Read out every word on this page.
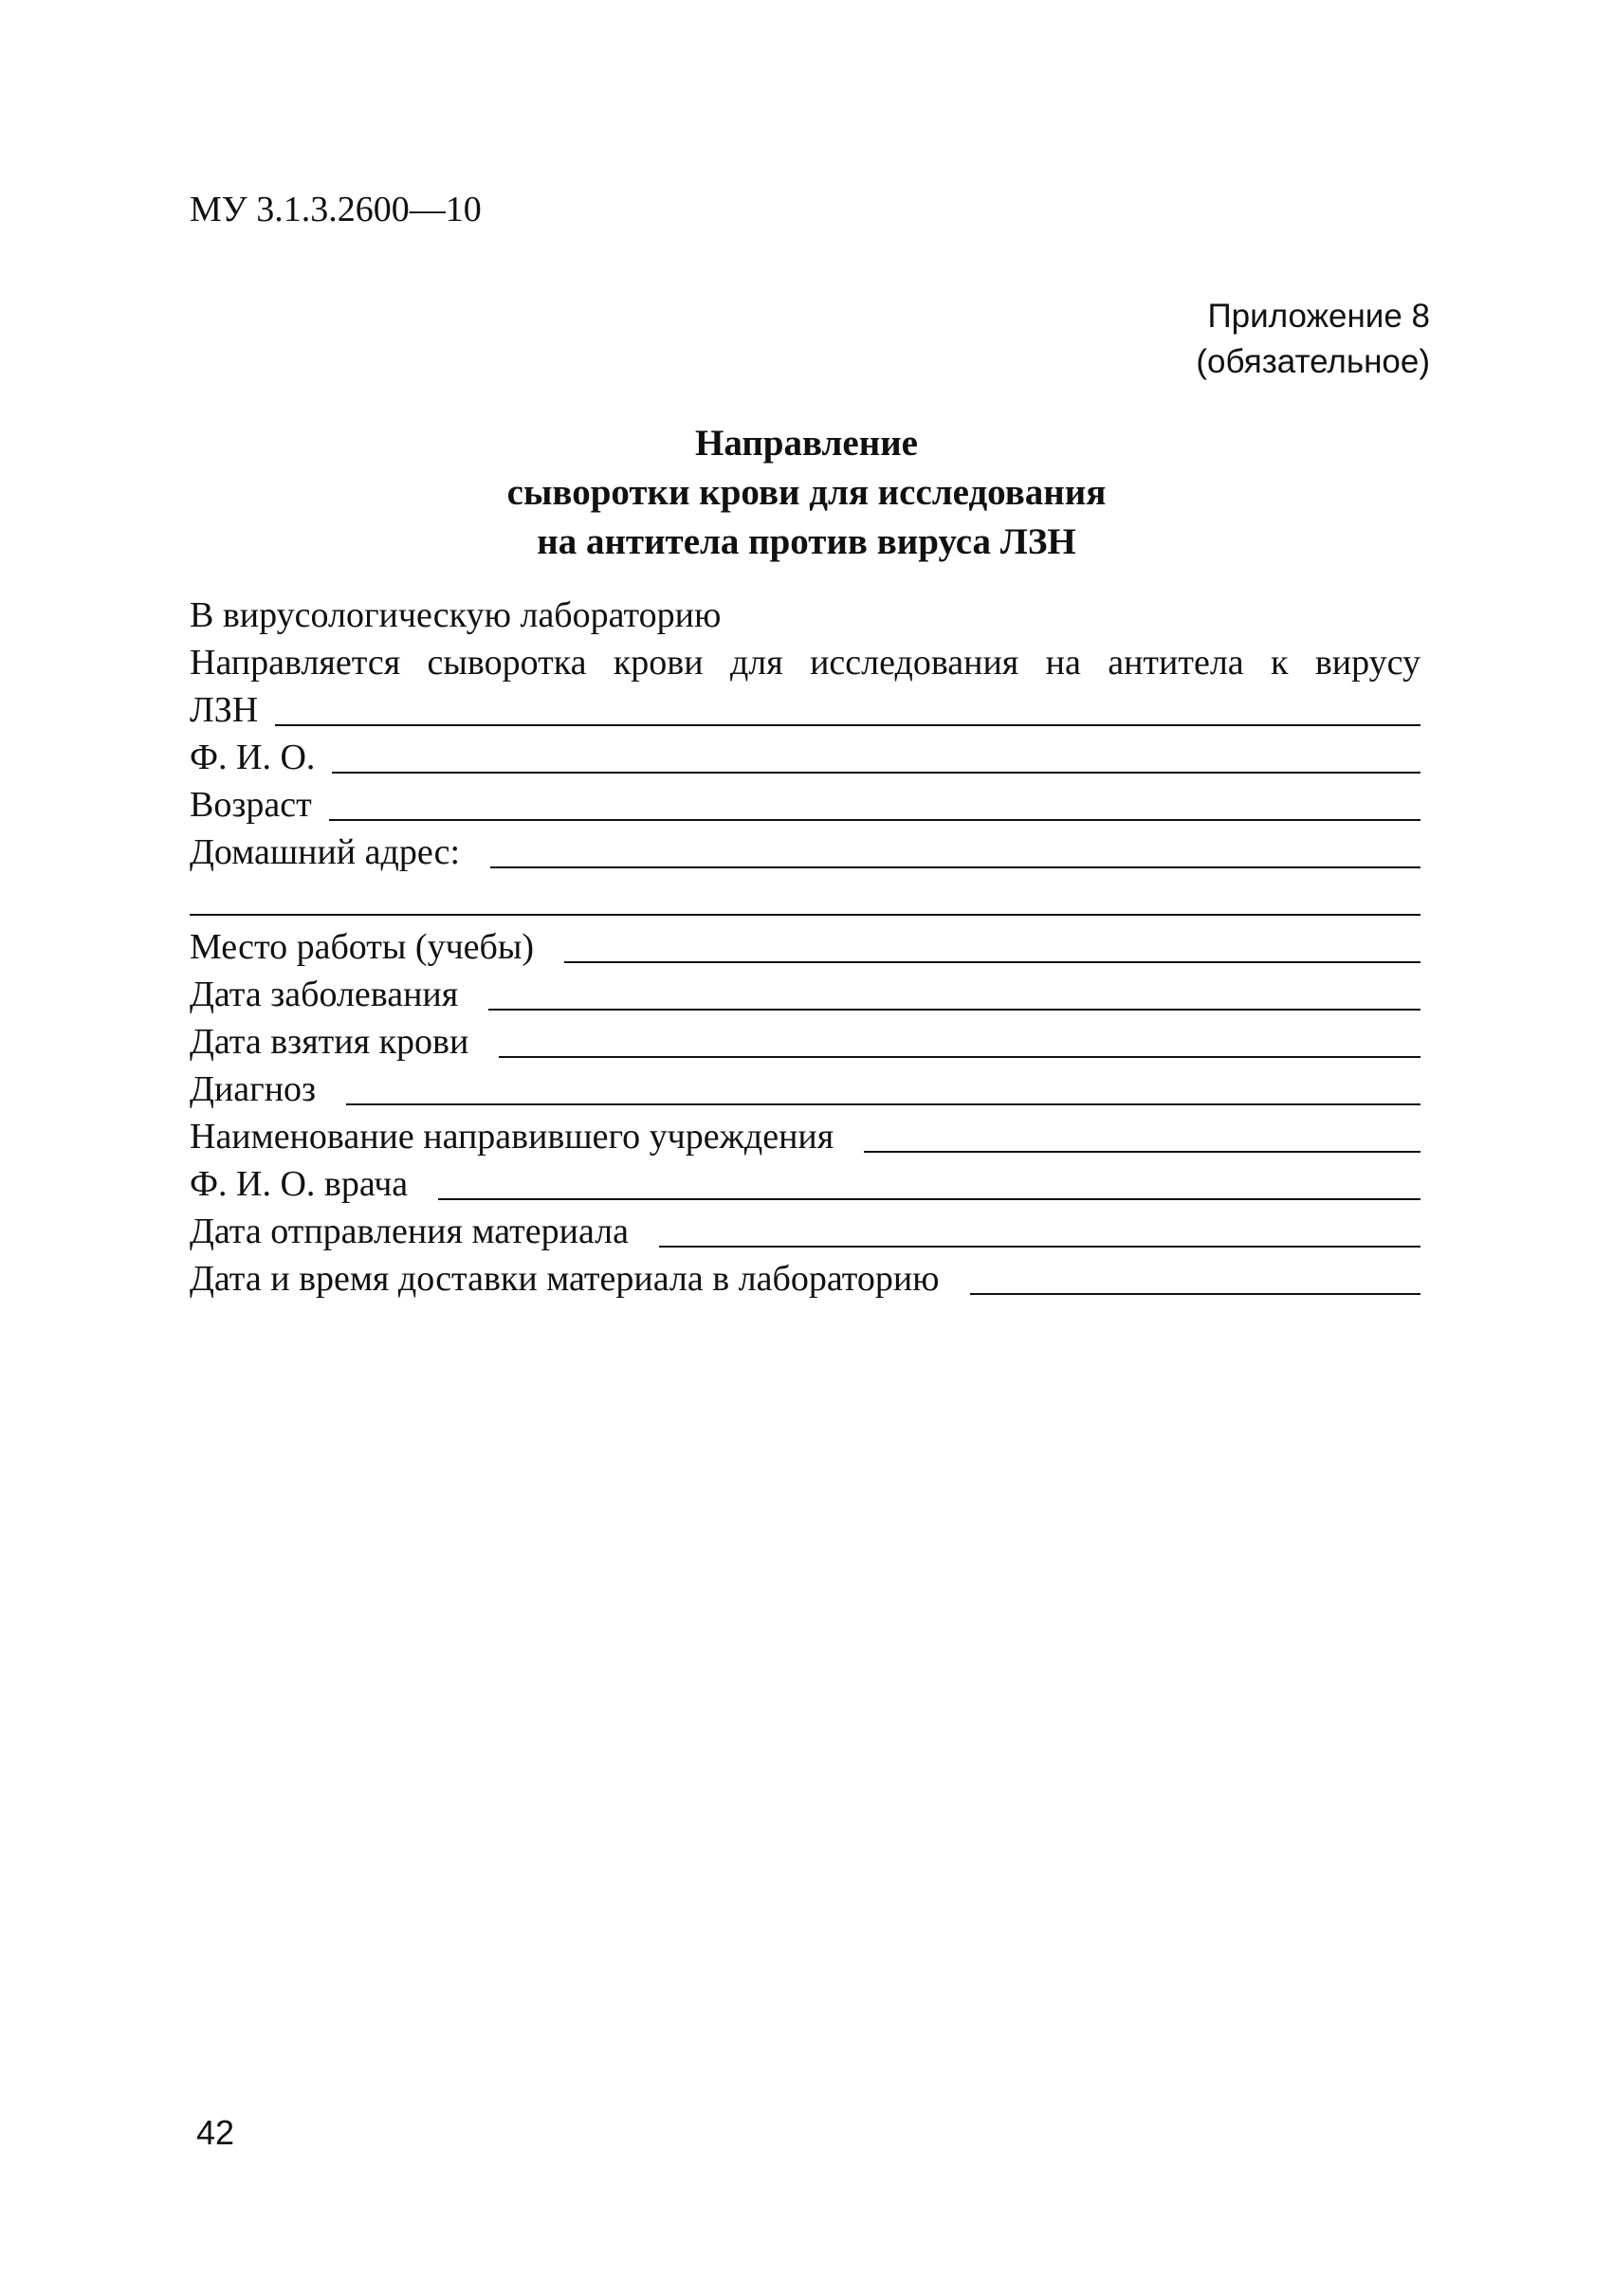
МУ 3.1.3.2600—10
Приложение 8
(обязательное)
Направление
сыворотки крови для исследования
на антитела против вируса ЛЗН
В вирусологическую лабораторию
Направляется сыворотка крови для исследования на антитела к вирусу
ЛЗН
Ф. И. О.
Возраст
Домашний адрес:
Место работы (учебы)
Дата заболевания
Дата взятия крови
Диагноз
Наименование направившего учреждения
Ф. И. О. врача
Дата отправления материала
Дата и время доставки материала в лабораторию
42
